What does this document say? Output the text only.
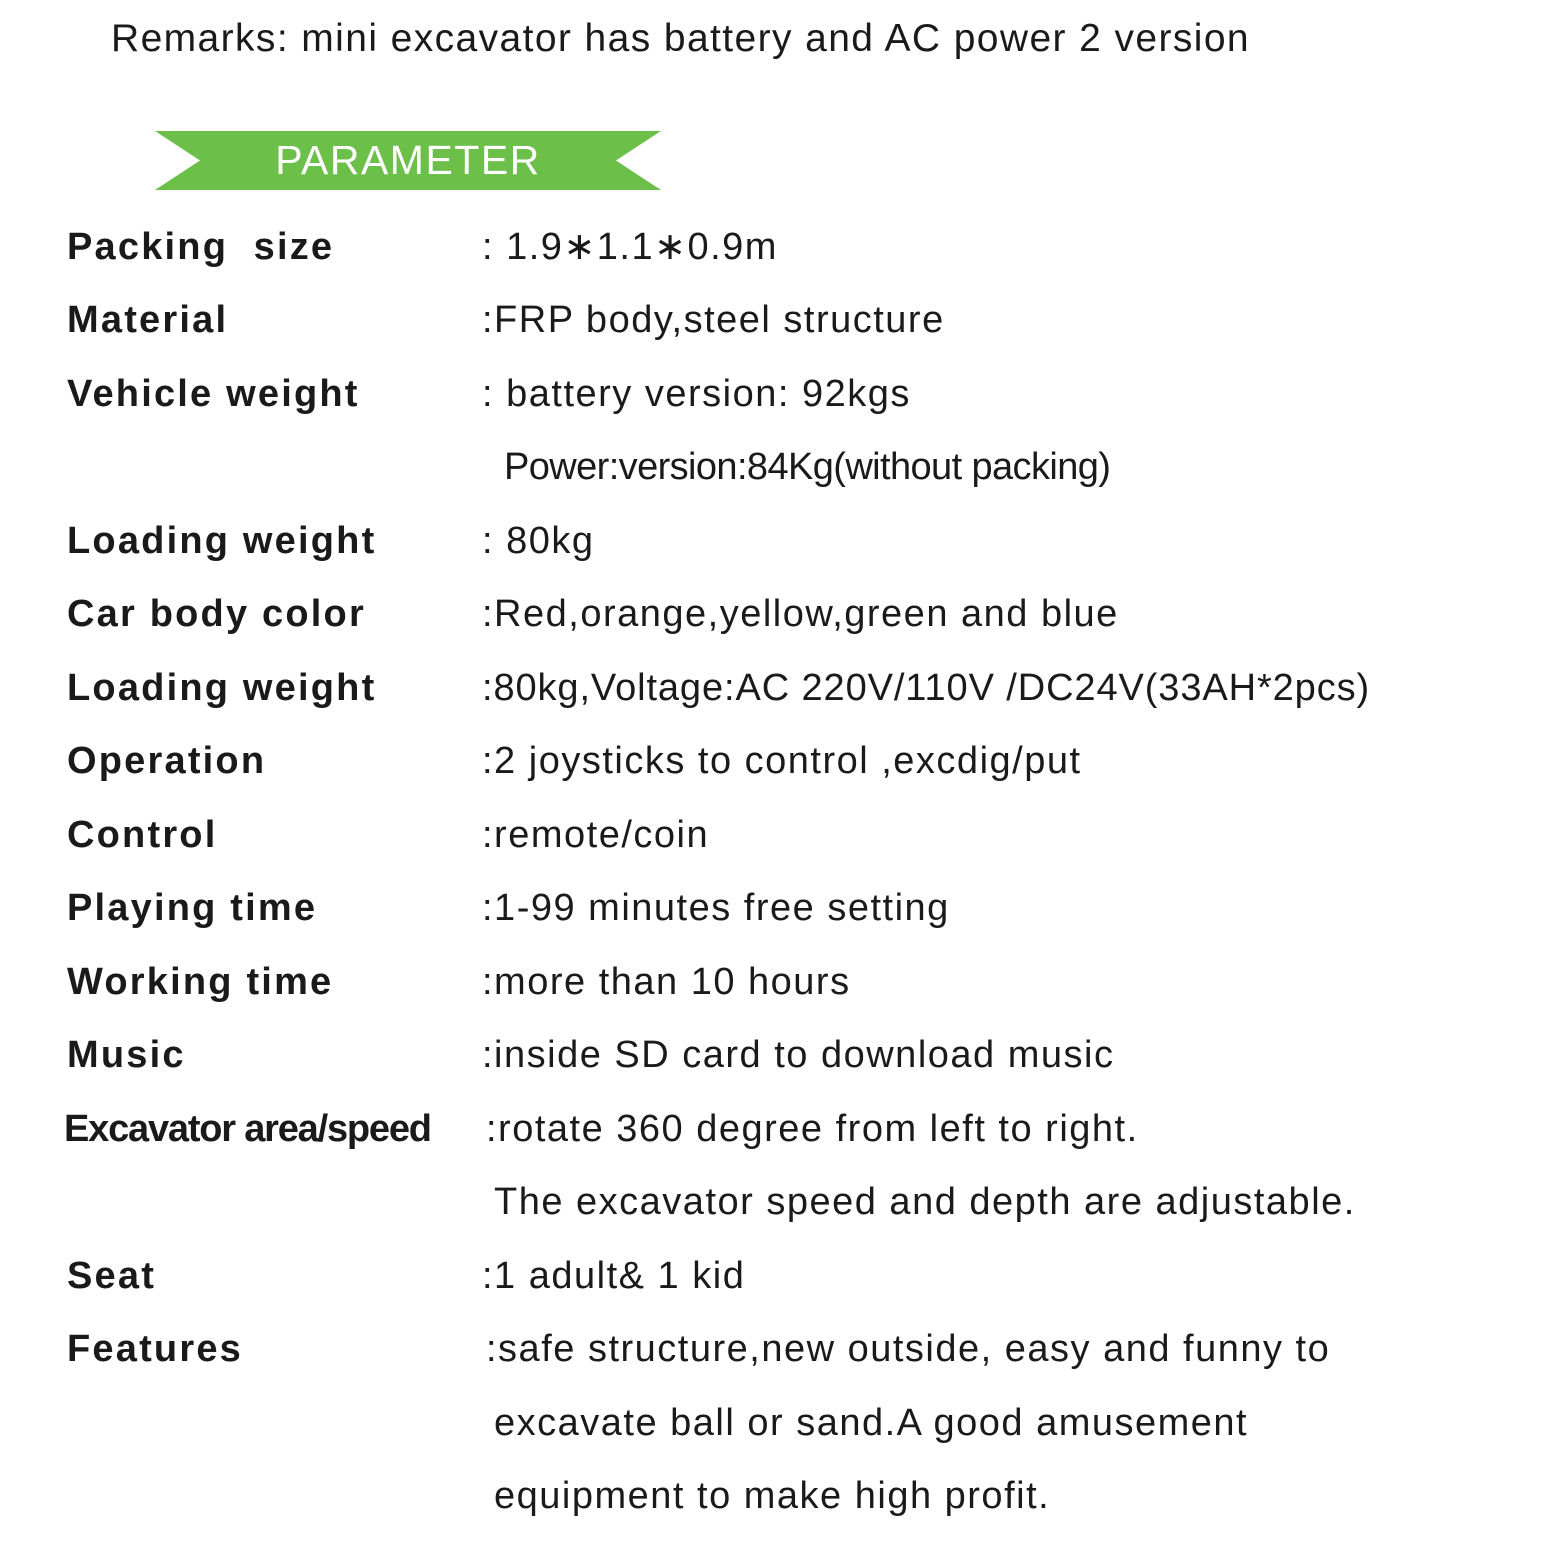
Remarks: mini excavator has battery and AC power 2 version
PARAMETER
Packing  size	: 1.9∗1.1∗0.9m
Material	:FRP body,steel structure
Vehicle weight	: battery version: 92kgs
Power:version:84Kg(without packing)
Loading weight	: 80kg
Car body color	:Red,orange,yellow,green and blue
Loading weight	:80kg,Voltage:AC 220V/110V /DC24V(33AH*2pcs)
Operation	:2 joysticks to control ,excdig/put
Control	:remote/coin
Playing time	:1-99 minutes free setting
Working time	:more than 10 hours
Music	:inside SD card to download music
Excavator area/speed :rotate 360 degree from left to right.
The excavator speed and depth are adjustable.
Seat	:1 adult& 1 kid
Features	:safe structure,new outside, easy and funny to
excavate ball or sand.A good amusement
equipment to make high profit.
